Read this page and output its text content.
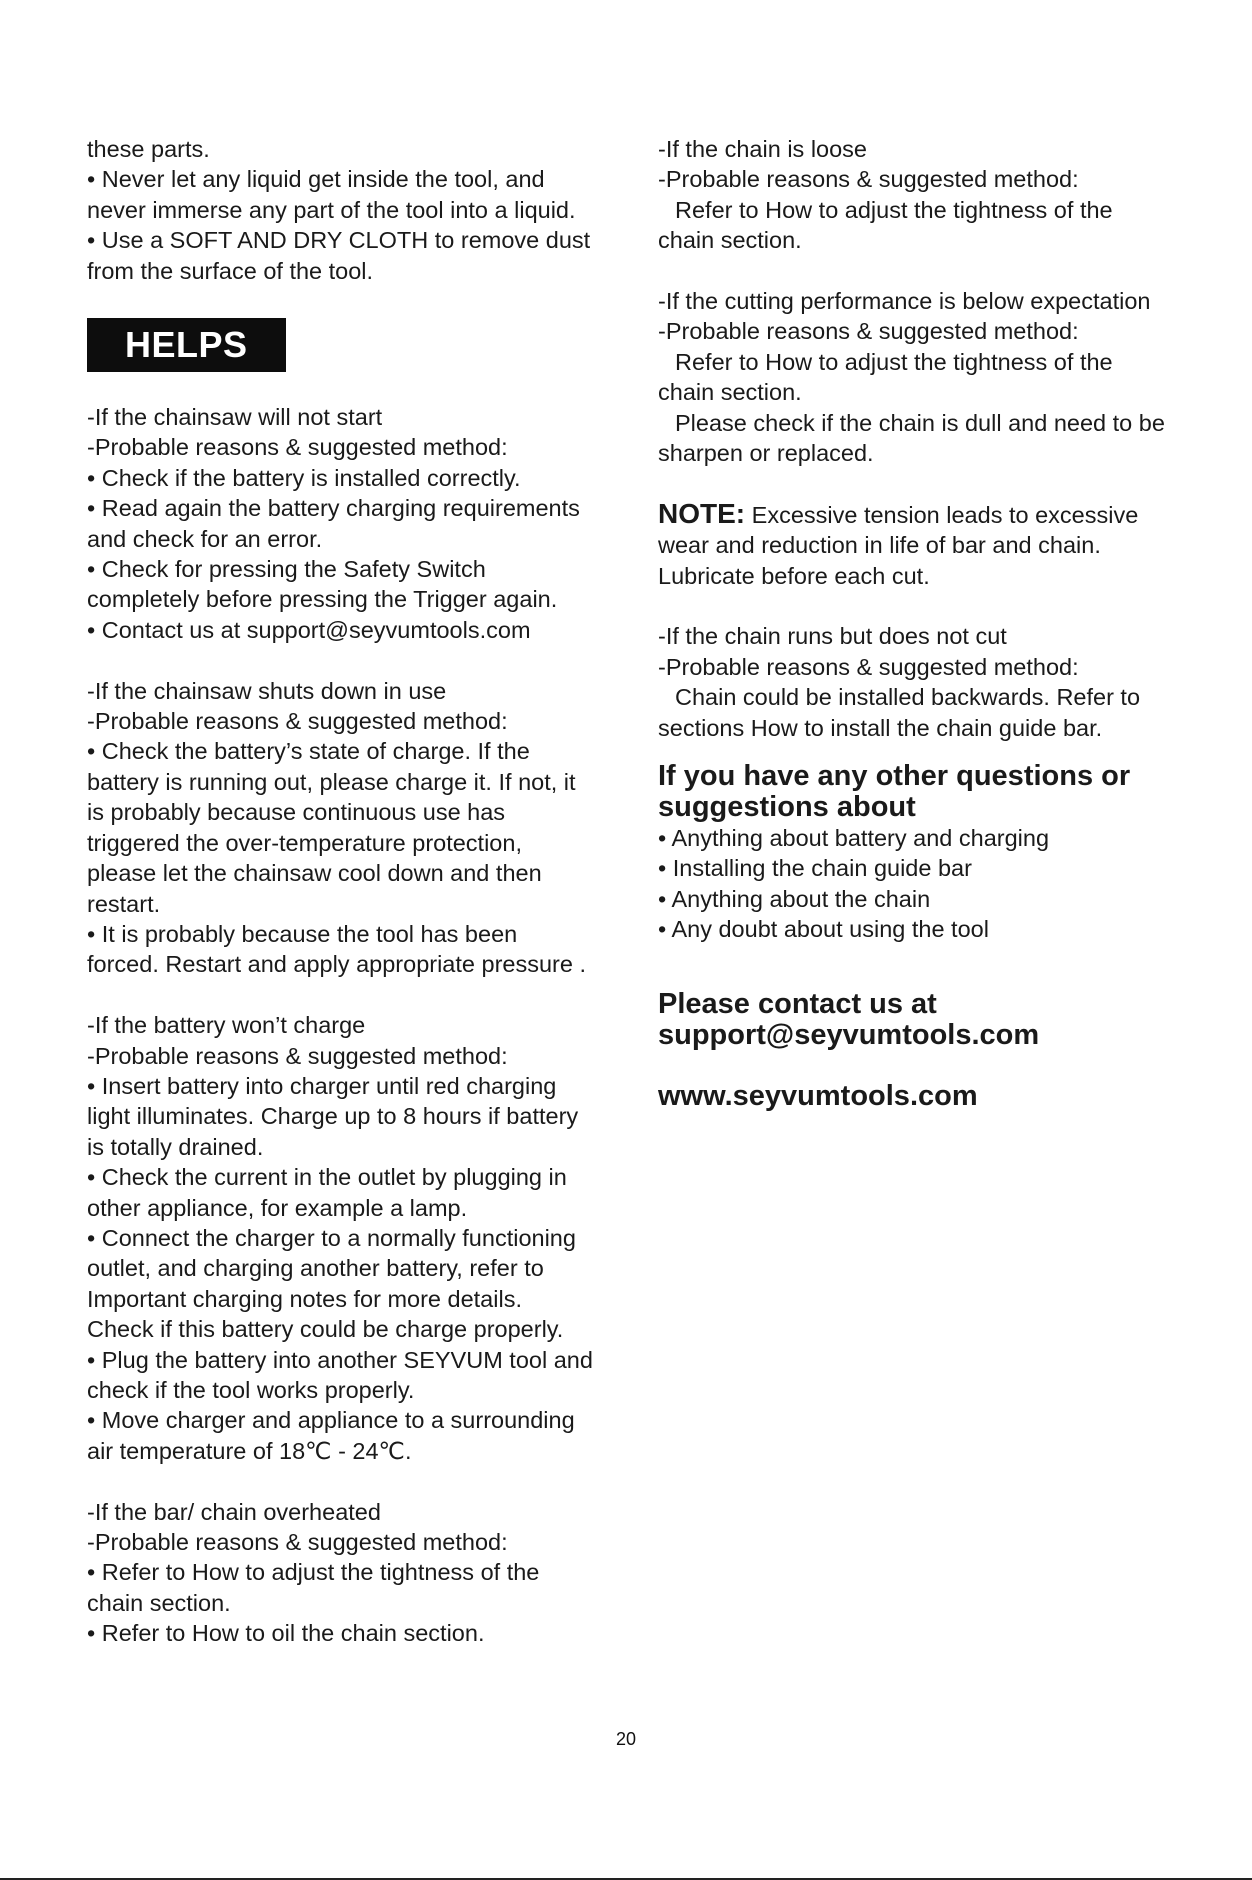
these parts.
• Never let any liquid get inside the tool, and
never immerse any part of the tool into a liquid.
• Use a SOFT AND DRY CLOTH to remove dust
from the surface of the tool.
HELPS
-If the chainsaw will not start
-Probable reasons & suggested method:
• Check if the battery is installed correctly.
• Read again the battery charging requirements
and check for an error.
• Check for pressing the Safety Switch
completely before pressing the Trigger again.
• Contact us at support@seyvumtools.com
-If the chainsaw shuts down in use
-Probable reasons & suggested method:
• Check the battery’s state of charge. If the
battery is running out, please charge it. If not, it
is probably because continuous use has
triggered the over-temperature protection,
please let the chainsaw cool down and then
restart.
• It is probably because the tool has been
forced. Restart and apply appropriate pressure .
-If the battery won’t charge
-Probable reasons & suggested method:
• Insert battery into charger until red charging
light illuminates. Charge up to 8 hours if battery
is totally drained.
• Check the current in the outlet by plugging in
other appliance, for example a lamp.
• Connect the charger to a normally functioning
outlet, and charging another battery, refer to
Important charging notes for more details.
Check if this battery could be charge properly.
• Plug the battery into another SEYVUM tool and
check if the tool works properly.
• Move charger and appliance to a surrounding
air temperature of 18℃ - 24℃.
-If the bar/ chain overheated
-Probable reasons & suggested method:
• Refer to How to adjust the tightness of the
chain section.
• Refer to How to oil the chain section.
-If the chain is loose
-Probable reasons & suggested method:
Refer to How to adjust the tightness of the
chain section.
-If the cutting performance is below expectation
-Probable reasons & suggested method:
Refer to How to adjust the tightness of the
chain section.
Please check if the chain is dull and need to be
sharpen or replaced.
NOTE: Excessive tension leads to excessive
wear and reduction in life of bar and chain.
Lubricate before each cut.
-If the chain runs but does not cut
-Probable reasons & suggested method:
Chain could be installed backwards. Refer to
sections How to install the chain guide bar.
If you have any other questions or
suggestions about
• Anything about battery and charging
• Installing the chain guide bar
• Anything about the chain
• Any doubt about using the tool
Please contact us at
support@seyvumtools.com
www.seyvumtools.com
20
